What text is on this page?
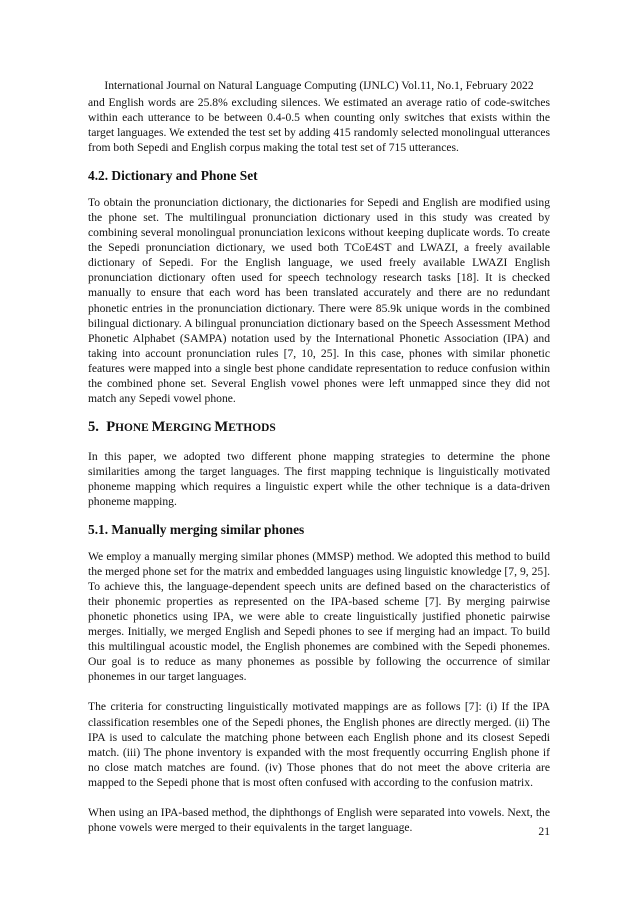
International Journal on Natural Language Computing (IJNLC) Vol.11, No.1, February 2022

and English words are 25.8% excluding silences. We estimated an average ratio of code-switches within each utterance to be between 0.4-0.5 when counting only switches that exists within the target languages. We extended the test set by adding 415 randomly selected monolingual utterances from both Sepedi and English corpus making the total test set of 715 utterances.

4.2. Dictionary and Phone Set

To obtain the pronunciation dictionary, the dictionaries for Sepedi and English are modified using the phone set. The multilingual pronunciation dictionary used in this study was created by combining several monolingual pronunciation lexicons without keeping duplicate words. To create the Sepedi pronunciation dictionary, we used both TCoE4ST and LWAZI, a freely available dictionary of Sepedi. For the English language, we used freely available LWAZI English pronunciation dictionary often used for speech technology research tasks [18]. It is checked manually to ensure that each word has been translated accurately and there are no redundant phonetic entries in the pronunciation dictionary. There were 85.9k unique words in the combined bilingual dictionary. A bilingual pronunciation dictionary based on the Speech Assessment Method Phonetic Alphabet (SAMPA) notation used by the International Phonetic Association (IPA) and taking into account pronunciation rules [7, 10, 25]. In this case, phones with similar phonetic features were mapped into a single best phone candidate representation to reduce confusion within the combined phone set. Several English vowel phones were left unmapped since they did not match any Sepedi vowel phone.

5. PHONE MERGING METHODS

In this paper, we adopted two different phone mapping strategies to determine the phone similarities among the target languages. The first mapping technique is linguistically motivated phoneme mapping which requires a linguistic expert while the other technique is a data-driven phoneme mapping.

5.1. Manually merging similar phones

We employ a manually merging similar phones (MMSP) method. We adopted this method to build the merged phone set for the matrix and embedded languages using linguistic knowledge [7, 9, 25]. To achieve this, the language-dependent speech units are defined based on the characteristics of their phonemic properties as represented on the IPA-based scheme [7]. By merging pairwise phonetic phonetics using IPA, we were able to create linguistically justified phonetic pairwise merges. Initially, we merged English and Sepedi phones to see if merging had an impact. To build this multilingual acoustic model, the English phonemes are combined with the Sepedi phonemes. Our goal is to reduce as many phonemes as possible by following the occurrence of similar phonemes in our target languages.

The criteria for constructing linguistically motivated mappings are as follows [7]: (i) If the IPA classification resembles one of the Sepedi phones, the English phones are directly merged. (ii) The IPA is used to calculate the matching phone between each English phone and its closest Sepedi match. (iii) The phone inventory is expanded with the most frequently occurring English phone if no close match matches are found. (iv) Those phones that do not meet the above criteria are mapped to the Sepedi phone that is most often confused with according to the confusion matrix.

When using an IPA-based method, the diphthongs of English were separated into vowels. Next, the phone vowels were merged to their equivalents in the target language.	21
